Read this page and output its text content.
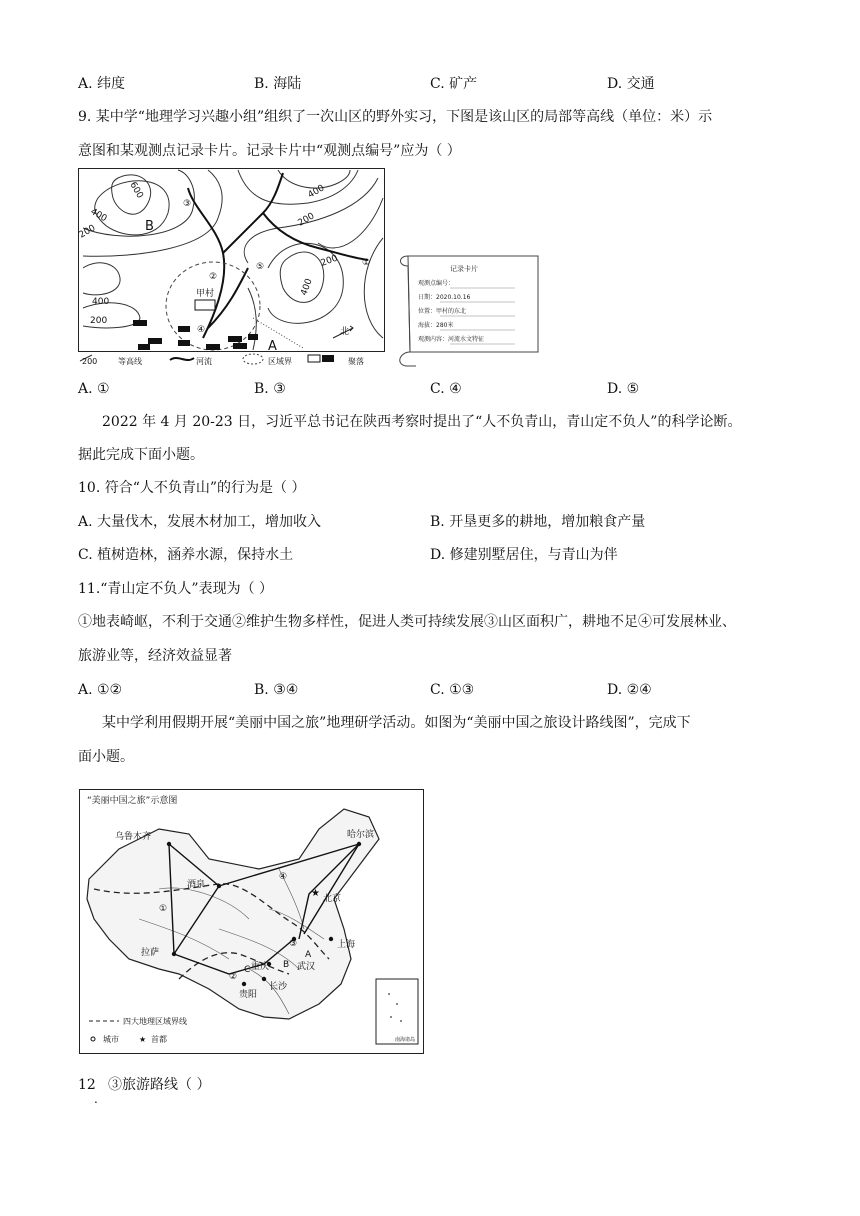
A. 纬度	B. 海陆	C. 矿产	D. 交通
9. 某中学“地理学习兴趣小组”组织了一次山区的野外实习，下图是该山区的局部等高线（单位：米）示
意图和某观测点记录卡片。记录卡片中“观测点编号”应为（ ）
600
400
200
400
200
400
400
200
200
③
②
④
⑤	①
B
A
甲村
北
200	等高线	河流	区域界	聚落
记录卡片
观测点编号：
日期：2020.10.16
位置：甲村的东北
海拔：280米
观测内容：河流水文特征
A. ①	B. ③	C. ④	D. ⑤
2022 年 4 月 20-23 日，习近平总书记在陕西考察时提出了“人不负青山，青山定不负人”的科学论断。
据此完成下面小题。
10. 符合“人不负青山”的行为是（ ）
A. 大量伐木，发展木材加工，增加收入	B. 开垦更多的耕地，增加粮食产量
C. 植树造林，涵养水源，保持水土	D. 修建别墅居住，与青山为伴
11.“青山定不负人”表现为（ ）
①地表崎岖，不利于交通②维护生物多样性，促进人类可持续发展③山区面积广，耕地不足④可发展林业、
旅游业等，经济效益显著
A. ①②	B. ③④	C. ①③	D. ②④
某中学利用假期开展“美丽中国之旅”地理研学活动。如图为“美丽中国之旅设计路线图”，完成下
面小题。
“美丽中国之旅”示意图
★
乌鲁木齐	哈尔滨
酒泉
北京
上海
拉萨
武汉
重庆
长沙
贵阳
①
②
③
④
A
B
C
南海诸岛
四大地理区域界线
城市	★ 首都
12 ③旅游路线（ ）
.
